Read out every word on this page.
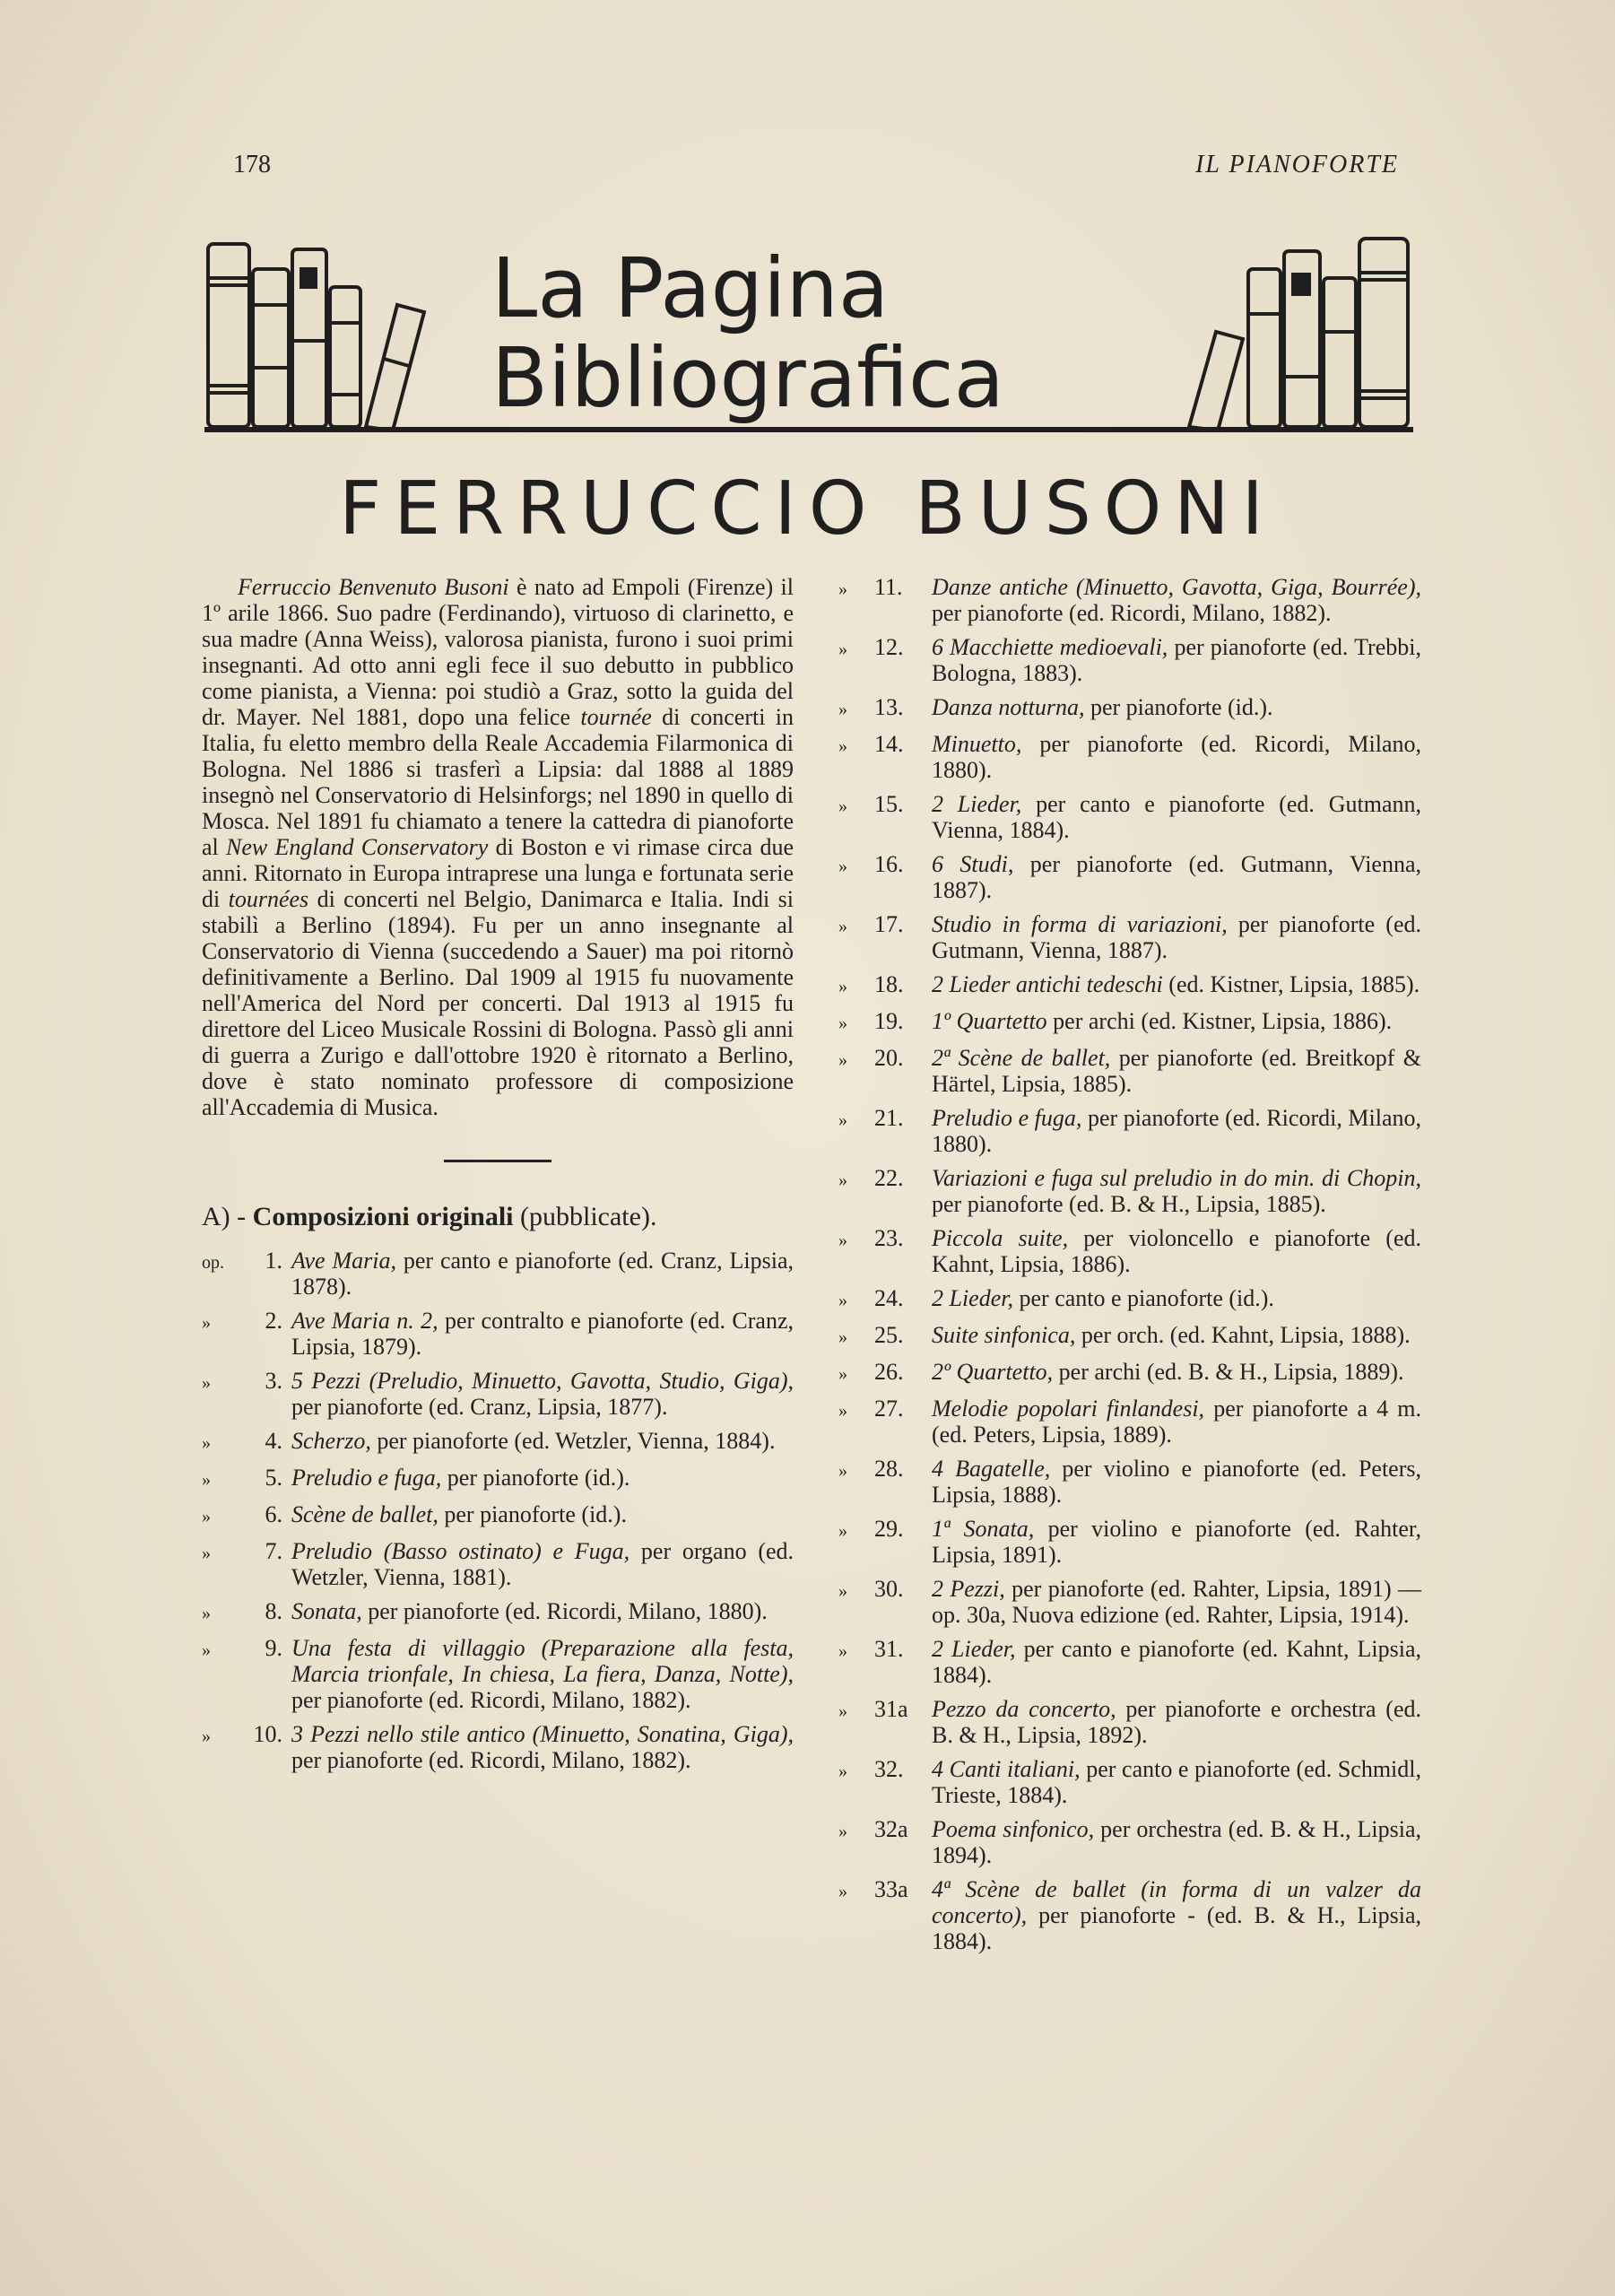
178	IL PIANOFORTE
La Pagina
Bibliografica
FERRUCCIO BUSONI

Ferruccio Benvenuto Busoni è nato ad Empoli (Firenze) il 1º arile 1866. Suo padre (Ferdinando), virtuoso di clarinetto, e sua madre (Anna Weiss), valorosa pianista, furono i suoi primi insegnanti. Ad otto anni egli fece il suo debutto in pubblico come pianista, a Vienna: poi studiò a Graz, sotto la guida del dr. Mayer. Nel 1881, dopo una felice tournée di concerti in Italia, fu eletto membro della Reale Accademia Filarmonica di Bologna. Nel 1886 si trasferì a Lipsia: dal 1888 al 1889 insegnò nel Conservatorio di Helsinforgs; nel 1890 in quello di Mosca. Nel 1891 fu chiamato a tenere la cattedra di pianoforte al New England Conservatory di Boston e vi rimase circa due anni. Ritornato in Europa intraprese una lunga e fortunata serie di tournées di concerti nel Belgio, Danimarca e Italia. Indi si stabilì a Berlino (1894). Fu per un anno insegnante al Conservatorio di Vienna (succedendo a Sauer) ma poi ritornò definitivamente a Berlino. Dal 1909 al 1915 fu nuovamente nell'America del Nord per concerti. Dal 1913 al 1915 fu direttore del Liceo Musicale Rossini di Bologna. Passò gli anni di guerra a Zurigo e dall'ottobre 1920 è ritornato a Berlino, dove è stato nominato professore di composizione all'Accademia di Musica.

A) - Composizioni originali (pubblicate).
op.	1. Ave Maria, per canto e pianoforte (ed. Cranz, Lipsia, 1878).
»	2. Ave Maria n. 2, per contralto e pianoforte (ed. Cranz, Lipsia, 1879).
»	3. 5 Pezzi (Preludio, Minuetto, Gavotta, Studio, Giga), per pianoforte (ed. Cranz, Lipsia, 1877).
»	4. Scherzo, per pianoforte (ed. Wetzler, Vienna, 1884).
»	5. Preludio e fuga, per pianoforte (id.).
»	6. Scène de ballet, per pianoforte (id.).
»	7. Preludio (Basso ostinato) e Fuga, per organo (ed. Wetzler, Vienna, 1881).
»	8. Sonata, per pianoforte (ed. Ricordi, Milano, 1880).
»	9. Una festa di villaggio (Preparazione alla festa, Marcia trionfale, In chiesa, La fiera, Danza, Notte), per pianoforte (ed. Ricordi, Milano, 1882).
»	10. 3 Pezzi nello stile antico (Minuetto, Sonatina, Giga), per pianoforte (ed. Ricordi, Milano, 1882).
»	11.	Danze antiche (Minuetto, Gavotta, Giga, Bourrée), per pianoforte (ed. Ricordi, Milano, 1882).
»	12.	6 Macchiette medioevali, per pianoforte (ed. Trebbi, Bologna, 1883).
»	13.	Danza notturna, per pianoforte (id.).
»	14.	Minuetto, per pianoforte (ed. Ricordi, Milano, 1880).
»	15.	2 Lieder, per canto e pianoforte (ed. Gutmann, Vienna, 1884).
»	16.	6 Studi, per pianoforte (ed. Gutmann, Vienna, 1887).
»	17.	Studio in forma di variazioni, per pianoforte (ed. Gutmann, Vienna, 1887).
»	18.	2 Lieder antichi tedeschi (ed. Kistner, Lipsia, 1885).
»	19.	1º Quartetto per archi (ed. Kistner, Lipsia, 1886).
»	20.	2ª Scène de ballet, per pianoforte (ed. Breitkopf & Härtel, Lipsia, 1885).
»	21.	Preludio e fuga, per pianoforte (ed. Ricordi, Milano, 1880).
»	22.	Variazioni e fuga sul preludio in do min. di Chopin, per pianoforte (ed. B. & H., Lipsia, 1885).
»	23.	Piccola suite, per violoncello e pianoforte (ed. Kahnt, Lipsia, 1886).
»	24.	2 Lieder, per canto e pianoforte (id.).
»	25.	Suite sinfonica, per orch. (ed. Kahnt, Lipsia, 1888).
»	26.	2º Quartetto, per archi (ed. B. & H., Lipsia, 1889).
»	27.	Melodie popolari finlandesi, per pianoforte a 4 m. (ed. Peters, Lipsia, 1889).
»	28.	4 Bagatelle, per violino e pianoforte (ed. Peters, Lipsia, 1888).
»	29.	1ª Sonata, per violino e pianoforte (ed. Rahter, Lipsia, 1891).
»	30.	2 Pezzi, per pianoforte (ed. Rahter, Lipsia, 1891) — op. 30a, Nuova edizione (ed. Rahter, Lipsia, 1914).
»	31.	2 Lieder, per canto e pianoforte (ed. Kahnt, Lipsia, 1884).
»	31a	Pezzo da concerto, per pianoforte e orchestra (ed. B. & H., Lipsia, 1892).
»	32.	4 Canti italiani, per canto e pianoforte (ed. Schmidl, Trieste, 1884).
»	32a	Poema sinfonico, per orchestra (ed. B. & H., Lipsia, 1894).
»	33a	4ª Scène de ballet (in forma di un valzer da concerto), per pianoforte - (ed. B. & H., Lipsia, 1884).
